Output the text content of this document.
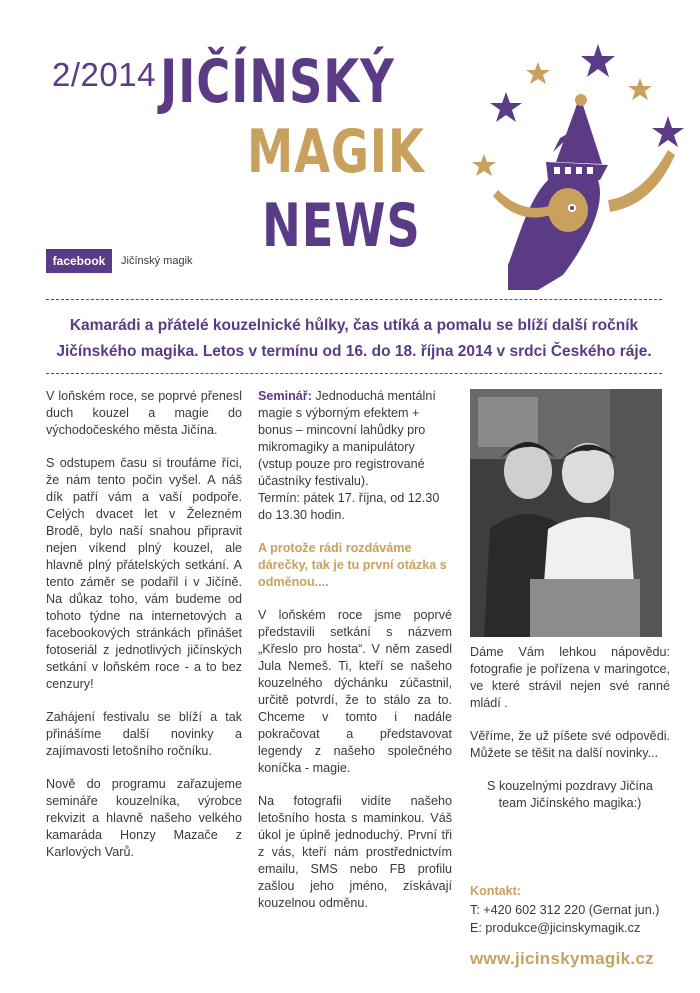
2/2014 JIČÍNSKÝ
MAGIK
NEWS
facebook	Jičínský magik
Kamarádi a přátelé kouzelnické hůlky, čas utíká a pomalu se blíží další ročník
Jičínského magika. Letos v termínu od 16. do 18. října 2014 v srdci Českého ráje.

V loňském roce, se poprvé přenesl duch kouzel a magie do východočeského města Jičína.

S odstupem času si troufáme říci, že nám tento počin vyšel. A náš dík patří vám a vaší podpoře. Celých dvacet let v Železném Brodě, bylo naší snahou připravit nejen víkend plný kouzel, ale hlavně plný přátelských setkání. A tento záměr se podařil i v Jičíně. Na důkaz toho, vám budeme od tohoto týdne na internetových a facebookových stránkách přinášet fotoseriál z jednotlivých jičínských setkání v loňském roce - a to bez cenzury!

Zahájení festivalu se blíží a tak přinášíme další novinky a zajímavosti letošního ročníku.

Nově do programu zařazujeme semináře kouzelníka, výrobce rekvizit a hlavně našeho velkého kamaráda Honzy Mazače z Karlových Varů.

Seminář: Jednoduchá mentální magie s výborným efektem + bonus – mincovní lahůdky pro mikromagiky a manipulátory (vstup pouze pro registrované účastníky festivalu).

Termín: pátek 17. října, od 12.30 do 13.30 hodin.

A protože rádi rozdáváme dárečky, tak je tu první otázka s odměnou....

V loňském roce jsme poprvé představili setkání s názvem „Křeslo pro hosta“. V něm zasedl Jula Nemeš. Ti, kteří se našeho kouzelného dýchánku zúčastnil, určitě potvrdí, že to stálo za to. Chceme v tomto i nadále pokračovat a představovat legendy z našeho společného koníčka - magie.

Na fotografii vidíte našeho letošního hosta s maminkou. Váš úkol je úplně jednoduchý. První tři z vás, kteří nám prostřednictvím emailu, SMS nebo FB profilu zašlou jeho jméno, získávají kouzelnou odměnu.

Dáme Vám lehkou nápovědu: fotografie je pořízena v maringotce, ve které strávil nejen své ranné mládí .

Věříme, že už píšete své odpovědi. Můžete se těšit na další novinky...

S kouzelnými pozdravy Jičína
team Jičínského magika:)
Kontakt:
T: +420 602 312 220 (Gernat jun.)
E: produkce@jicinskymagik.cz
www.jicinskymagik.cz
